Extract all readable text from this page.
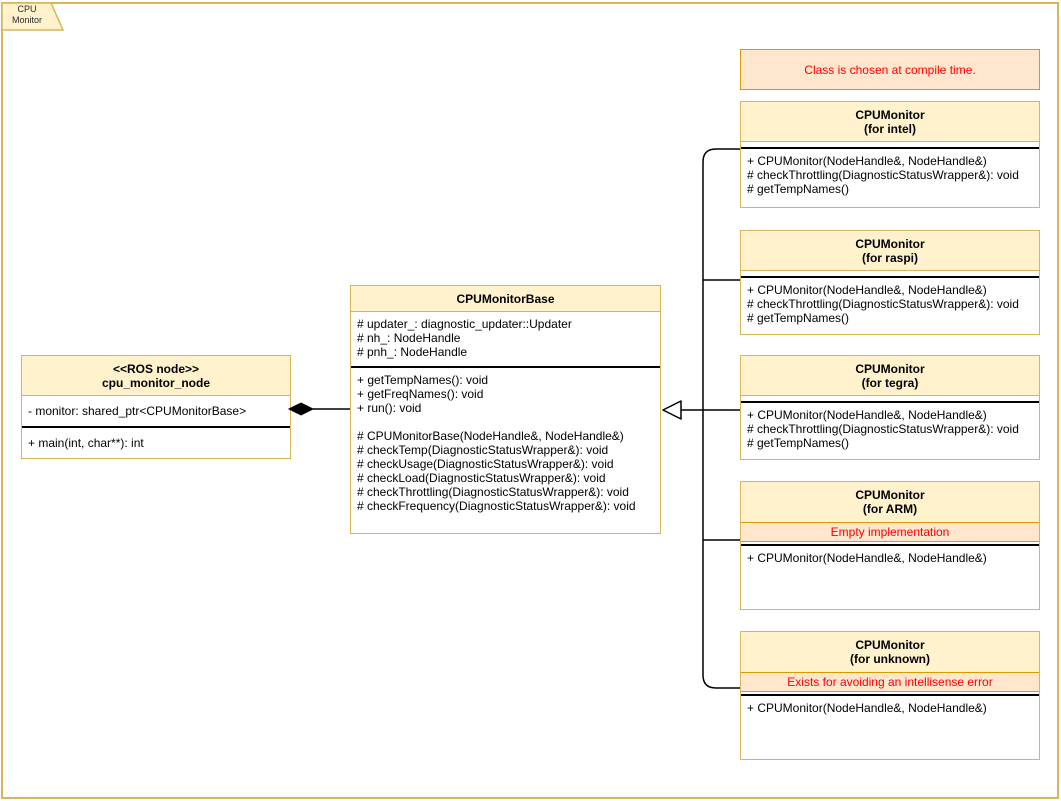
CPU
Monitor
Class is chosen at compile time.
<<ROS node>>
cpu_monitor_node
- monitor: shared_ptr<CPUMonitorBase>
+ main(int, char**): int
CPUMonitorBase
# updater_: diagnostic_updater::Updater
# nh_: NodeHandle
# pnh_: NodeHandle
+ getTempNames(): void
+ getFreqNames(): void
+ run(): void
# CPUMonitorBase(NodeHandle&, NodeHandle&)
# checkTemp(DiagnosticStatusWrapper&): void
# checkUsage(DiagnosticStatusWrapper&): void
# checkLoad(DiagnosticStatusWrapper&): void
# checkThrottling(DiagnosticStatusWrapper&): void
# checkFrequency(DiagnosticStatusWrapper&): void
CPUMonitor
(for intel)
+ CPUMonitor(NodeHandle&, NodeHandle&)
# checkThrottling(DiagnosticStatusWrapper&): void
# getTempNames()
CPUMonitor
(for raspi)
+ CPUMonitor(NodeHandle&, NodeHandle&)
# checkThrottling(DiagnosticStatusWrapper&): void
# getTempNames()
CPUMonitor
(for tegra)
+ CPUMonitor(NodeHandle&, NodeHandle&)
# checkThrottling(DiagnosticStatusWrapper&): void
# getTempNames()
CPUMonitor
(for ARM)
Empty implementation
+ CPUMonitor(NodeHandle&, NodeHandle&)
CPUMonitor
(for unknown)
Exists for avoiding an intellisense error
+ CPUMonitor(NodeHandle&, NodeHandle&)
